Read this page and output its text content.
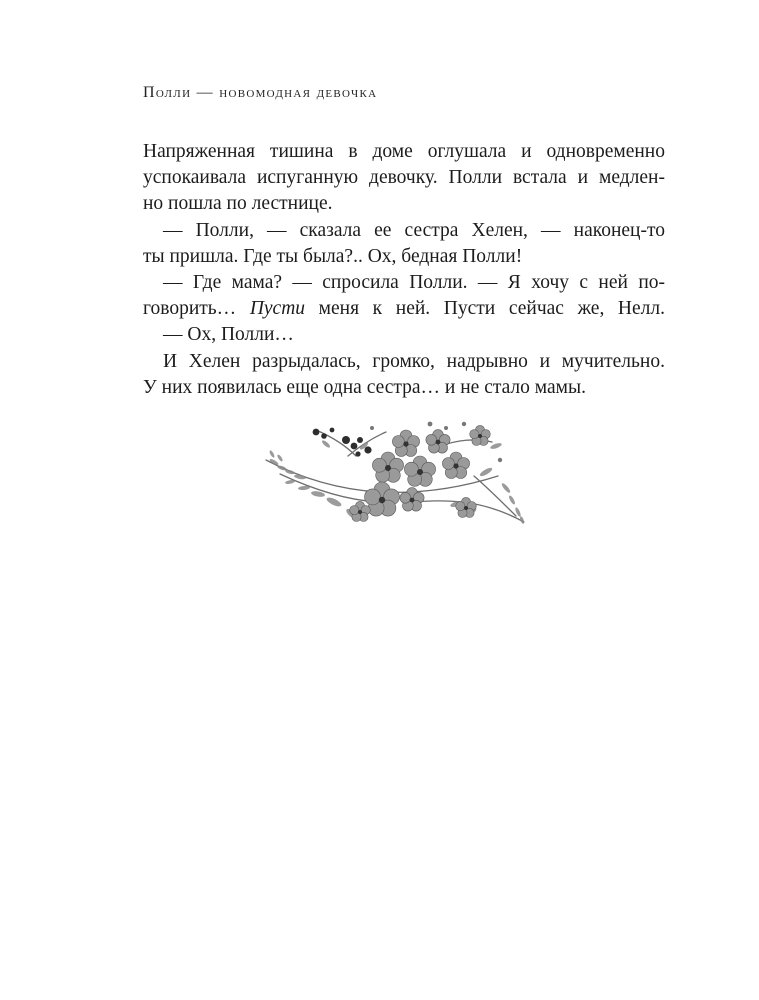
Полли — новомодная девочка
Напряженная тишина в доме оглушала и одновременно
успокаивала испуганную девочку. Полли встала и медлен-
но пошла по лестнице.
— Полли, — сказала ее сестра Хелен, — наконец-то
ты пришла. Где ты была?.. Ох, бедная Полли!
— Где мама? — спросила Полли. — Я хочу с ней по-
говорить… Пусти меня к ней. Пусти сейчас же, Нелл.
— Ох, Полли…
И Хелен разрыдалась, громко, надрывно и мучительно.
У них появилась еще одна сестра… и не стало мамы.
